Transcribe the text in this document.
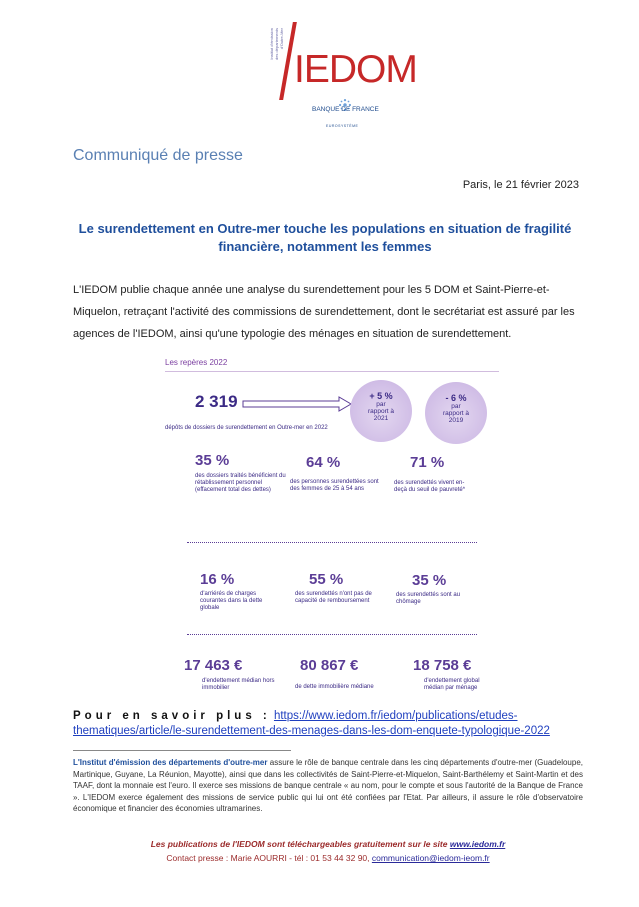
Institut d'émission des départements d'Outre-Mer
IEDOM
BANQUE DE FRANCE
EUROSYSTÈME
Communiqué de presse
Paris, le 21 février 2023
Le surendettement en Outre-mer touche les populations en situation de fragilité financière, notamment les femmes
L'IEDOM publie chaque année une analyse du surendettement pour les 5 DOM et Saint-Pierre-et-Miquelon, retraçant l'activité des commissions de surendettement, dont le secrétariat est assuré par les agences de l'IEDOM, ainsi qu'une typologie des ménages en situation de surendettement.
Les repères 2022
2 319
dépôts de dossiers de surendettement en Outre-mer en 2022
+ 5 %
par
rapport à
2021
- 6 %
par
rapport à
2019
35 %
des dossiers traités bénéficient du rétablissement personnel (effacement total des dettes)
64 %
des personnes surendettées sont des femmes de 25 à 54 ans
71 %
des surendettés vivent en-deçà du seuil de pauvreté*
16 %
d'arriérés de charges courantes dans la dette globale
55 %
des surendettés n'ont pas de capacité de remboursement
35 %
des surendettés sont au chômage
17 463 €
d'endettement médian hors immobilier
80 867 €
de dette immobilière médiane
18 758 €
d'endettement global médian par ménage
Pour en savoir plus : https://www.iedom.fr/iedom/publications/etudes-thematiques/article/le-surendettement-des-menages-dans-les-dom-enquete-typologique-2022
L'Institut d'émission des départements d'outre-mer assure le rôle de banque centrale dans les cinq départements d'outre-mer (Guadeloupe, Martinique, Guyane, La Réunion, Mayotte), ainsi que dans les collectivités de Saint-Pierre-et-Miquelon, Saint-Barthélemy et Saint-Martin et des TAAF, dont la monnaie est l'euro. Il exerce ses missions de banque centrale « au nom, pour le compte et sous l'autorité de la Banque de France ». L'IEDOM exerce également des missions de service public qui lui ont été confiées par l'Etat. Par ailleurs, il assure le rôle d'observatoire économique et financier des économies ultramarines.
Les publications de l'IEDOM sont téléchargeables gratuitement sur le site www.iedom.fr
Contact presse : Marie AOURRI - tél : 01 53 44 32 90, communication@iedom-ieom.fr
